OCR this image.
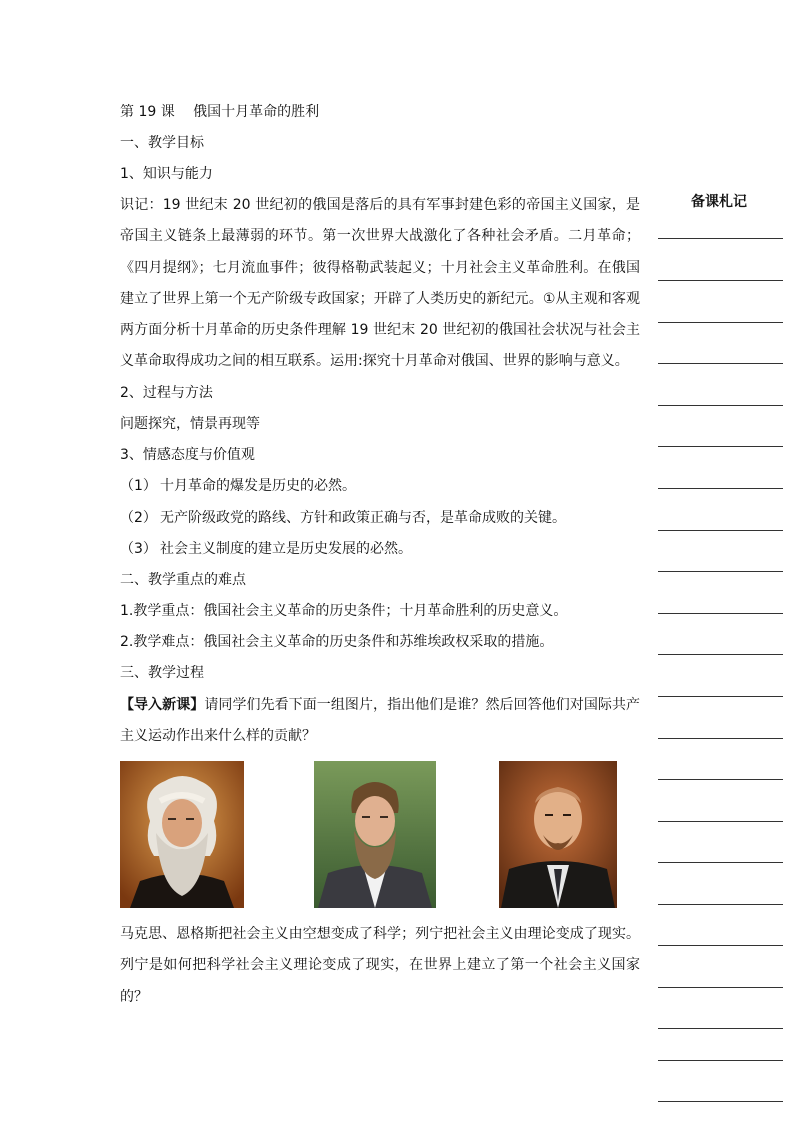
第 19 课　 俄国十月革命的胜利
一、教学目标
1、知识与能力
识记：19 世纪末 20 世纪初的俄国是落后的具有军事封建色彩的帝国主义国家，是帝国主义链条上最薄弱的环节。第一次世界大战激化了各种社会矛盾。二月革命；《四月提纲》；七月流血事件；彼得格勒武装起义；十月社会主义革命胜利。在俄国建立了世界上第一个无产阶级专政国家；开辟了人类历史的新纪元。①从主观和客观两方面分析十月革命的历史条件理解 19 世纪末 20 世纪初的俄国社会状况与社会主义革命取得成功之间的相互联系。运用:探究十月革命对俄国、世界的影响与意义。
2、过程与方法
问题探究，情景再现等
3、情感态度与价值观
（1） 十月革命的爆发是历史的必然。
（2） 无产阶级政党的路线、方针和政策正确与否，是革命成败的关键。
（3） 社会主义制度的建立是历史发展的必然。
二、教学重点的难点
1.教学重点：俄国社会主义革命的历史条件；十月革命胜利的历史意义。
2.教学难点：俄国社会主义革命的历史条件和苏维埃政权采取的措施。
三、教学过程
【导入新课】请同学们先看下面一组图片，指出他们是谁？然后回答他们对国际共产主义运动作出来什么样的贡献？
马克思、恩格斯把社会主义由空想变成了科学；列宁把社会主义由理论变成了现实。列宁是如何把科学社会主义理论变成了现实，在世界上建立了第一个社会主义国家的？
备课札记
